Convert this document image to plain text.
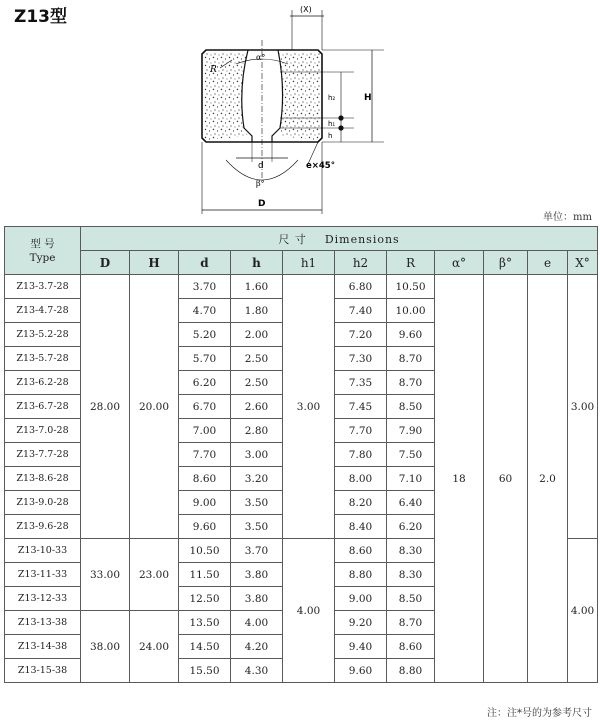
Z13型
R
α°
(X)
H
h₂
h₁
h
d	e×45°
β°
D
单位：mm
型 号
Type	尺 寸 Dimensions										
	D	H	d	h	h1	h2	R	α°	β°	e	X°
Z13-3.7-28	28.00	20.00	3.70	1.60	3.00	6.80	10.50	18	60	2.0	3.00
Z13-4.7-28			4.70	1.80		7.40	10.00				
Z13-5.2-28			5.20	2.00		7.20	9.60				
Z13-5.7-28			5.70	2.50		7.30	8.70				
Z13-6.2-28			6.20	2.50		7.35	8.70				
Z13-6.7-28			6.70	2.60		7.45	8.50				
Z13-7.0-28			7.00	2.80		7.70	7.90				
Z13-7.7-28			7.70	3.00		7.80	7.50				
Z13-8.6-28			8.60	3.20		8.00	7.10				
Z13-9.0-28			9.00	3.50		8.20	6.40				
Z13-9.6-28			9.60	3.50		8.40	6.20				
Z13-10-33	33.00	23.00	10.50	3.70	4.00	8.60	8.30				4.00
Z13-11-33			11.50	3.80		8.80	8.30				
Z13-12-33			12.50	3.80		9.00	8.50				
Z13-13-38	38.00	24.00	13.50	4.00		9.20	8.70				
Z13-14-38			14.50	4.20		9.40	8.60				
Z13-15-38			15.50	4.30		9.60	8.80				
注：注*号的为参考尺寸
